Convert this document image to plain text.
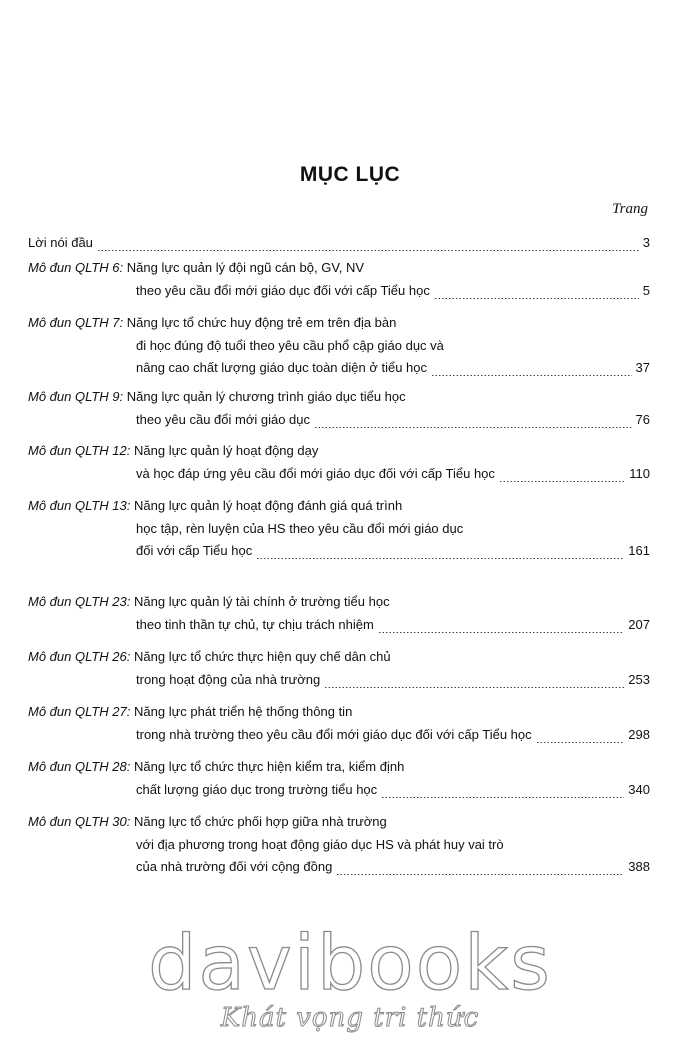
MỤC LỤC
Trang
Lời nói đầu	3
Mô đun QLTH 6:
Năng lực quản lý đội ngũ cán bộ, GV, NV
theo yêu cầu đổi mới giáo dục đối với cấp Tiểu học	5
Mô đun QLTH 7:
Năng lực tổ chức huy động trẻ em trên địa bàn
đi học đúng độ tuổi theo yêu cầu phổ cập giáo dục và
nâng cao chất lượng giáo dục toàn diện ở tiểu học	37
Mô đun QLTH 9:
Năng lực quản lý chương trình giáo dục tiểu học
theo yêu cầu đổi mới giáo dục	76
Mô đun QLTH 12:
Năng lực quản lý hoạt động dạy
và học đáp ứng yêu cầu đổi mới giáo dục đối với cấp Tiểu học	110
Mô đun QLTH 13:
Năng lực quản lý hoạt động đánh giá quá trình
học tập, rèn luyện của HS theo yêu cầu đổi mới giáo dục
đối với cấp Tiểu học	161
Mô đun QLTH 23:
Năng lực quản lý tài chính ở trường tiểu học
theo tinh thần tự chủ, tự chịu trách nhiệm	207
Mô đun QLTH 26:
Năng lực tổ chức thực hiện quy chế dân chủ
trong hoạt động của nhà trường	253
Mô đun QLTH 27:
Năng lực phát triển hệ thống thông tin
trong nhà trường theo yêu cầu đổi mới giáo dục đối với cấp Tiểu học	298
Mô đun QLTH 28:
Năng lực tổ chức thực hiện kiểm tra, kiểm định
chất lượng giáo dục trong trường tiểu học	340
Mô đun QLTH 30:
Năng lực tổ chức phối hợp giữa nhà trường
với địa phương trong hoạt động giáo dục HS và phát huy vai trò
của nhà trường đối với cộng đồng	388
davibooks
Khát vọng tri thức
